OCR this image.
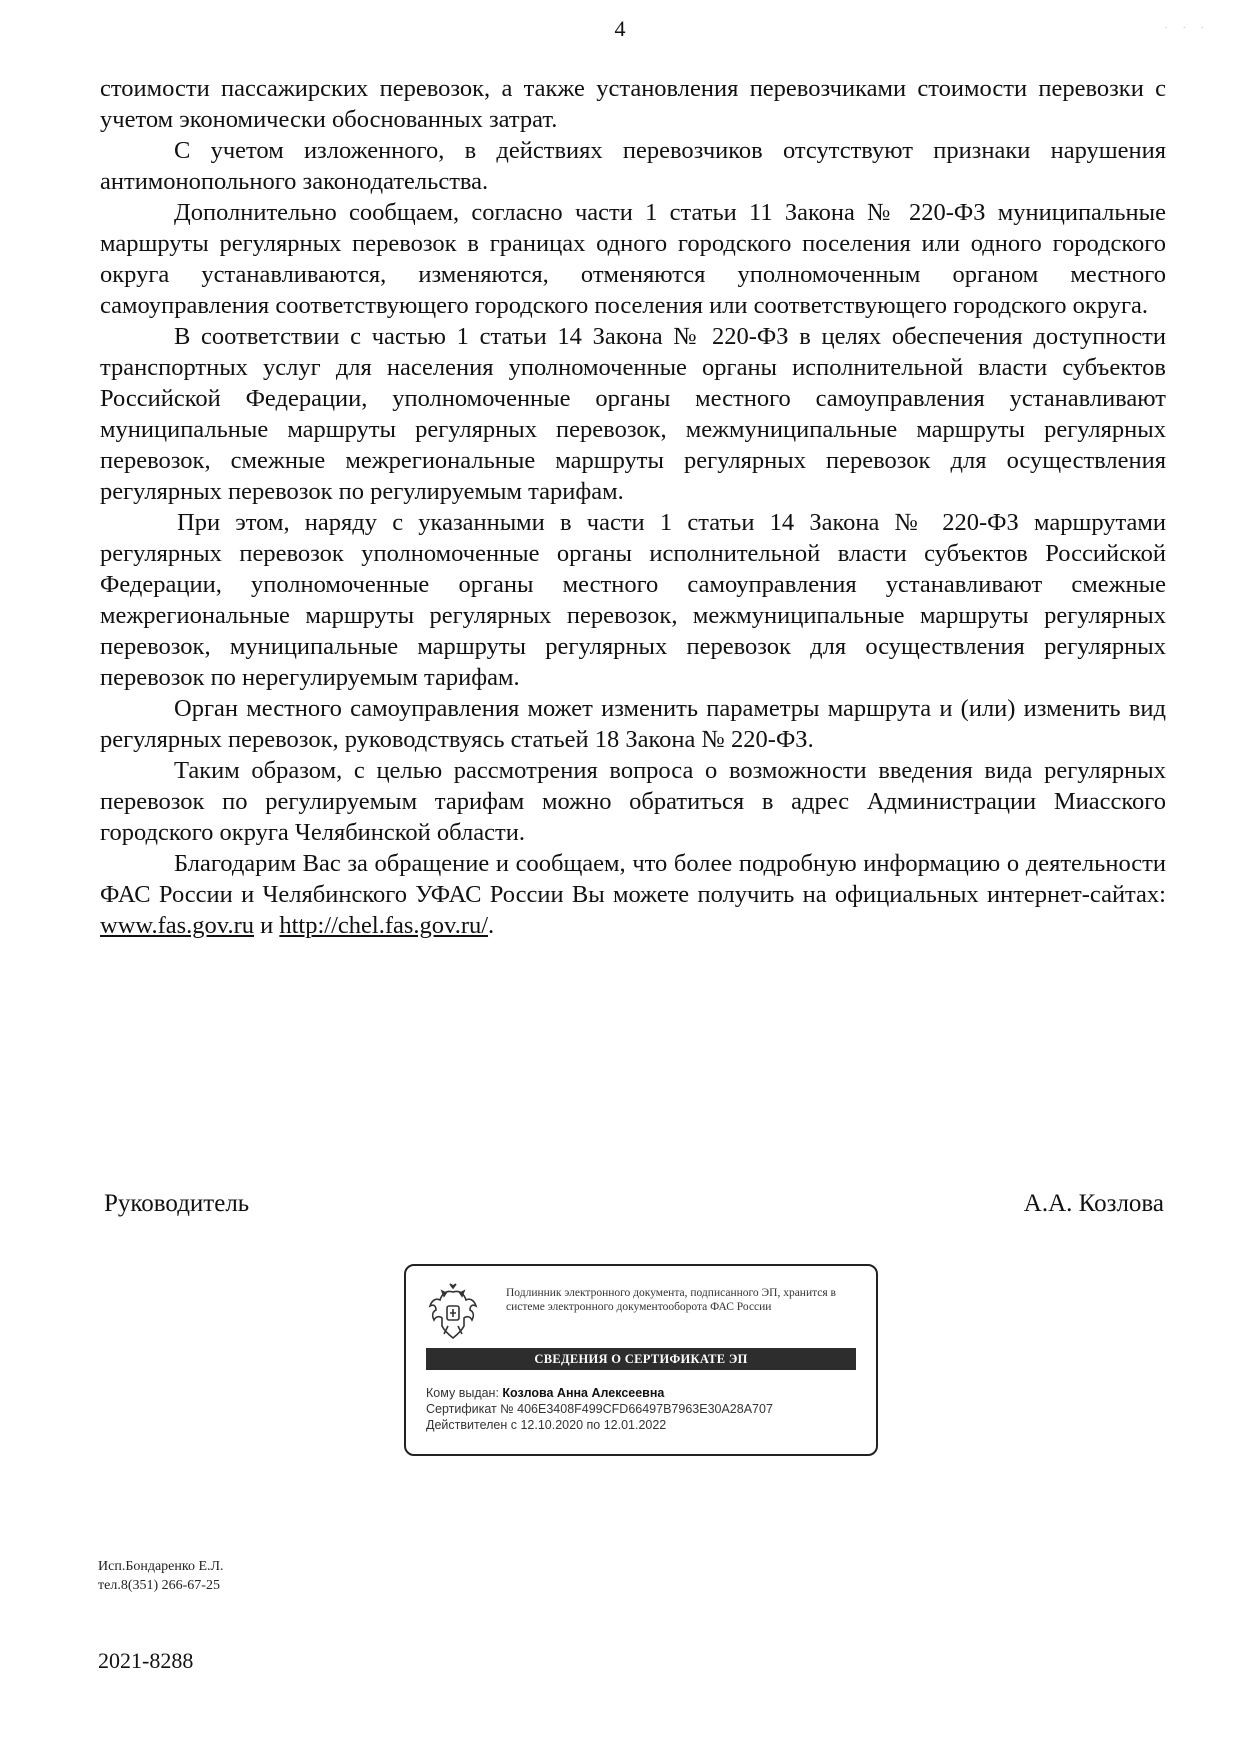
· · ·
4

стоимости пассажирских перевозок, а также установления перевозчиками стоимости перевозки с учетом экономически обоснованных затрат.

С учетом изложенного, в действиях перевозчиков отсутствуют признаки нарушения антимонопольного законодательства.

Дополнительно сообщаем, согласно части 1 статьи 11 Закона № 220-ФЗ муниципальные маршруты регулярных перевозок в границах одного городского поселения или одного городского округа устанавливаются, изменяются, отменяются уполномоченным органом местного самоуправления соответствующего городского поселения или соответствующего городского округа.

В соответствии с частью 1 статьи 14 Закона № 220-ФЗ в целях обеспечения доступности транспортных услуг для населения уполномоченные органы исполнительной власти субъектов Российской Федерации, уполномоченные органы местного самоуправления устанавливают муниципальные маршруты регулярных перевозок, межмуниципальные маршруты регулярных перевозок, смежные межрегиональные маршруты регулярных перевозок для осуществления регулярных перевозок по регулируемым тарифам.

При этом, наряду с указанными в части 1 статьи 14 Закона № 220-ФЗ маршрутами регулярных перевозок уполномоченные органы исполнительной власти субъектов Российской Федерации, уполномоченные органы местного самоуправления устанавливают смежные межрегиональные маршруты регулярных перевозок, межмуниципальные маршруты регулярных перевозок, муниципальные маршруты регулярных перевозок для осуществления регулярных перевозок по нерегулируемым тарифам.

Орган местного самоуправления может изменить параметры маршрута и (или) изменить вид регулярных перевозок, руководствуясь статьей 18 Закона № 220-ФЗ.

Таким образом, с целью рассмотрения вопроса о возможности введения вида регулярных перевозок по регулируемым тарифам можно обратиться в адрес Администрации Миасского городского округа Челябинской области.

Благодарим Вас за обращение и сообщаем, что более подробную информацию о деятельности ФАС России и Челябинского УФАС России Вы можете получить на официальных интернет-сайтах: www.fas.gov.ru и http://chel.fas.gov.ru/.

Руководитель	А.А. Козлова
Подлинник электронного документа, подписанного ЭП, хранится в системе электронного документооборота ФАС России
СВЕДЕНИЯ О СЕРТИФИКАТЕ ЭП
Кому выдан: Козлова Анна Алексеевна
Сертификат № 406E3408F499CFD66497B7963E30A28A707
Действителен с 12.10.2020 по 12.01.2022
Исп.Бондаренко Е.Л.
тел.8(351) 266-67-25
2021-8288
